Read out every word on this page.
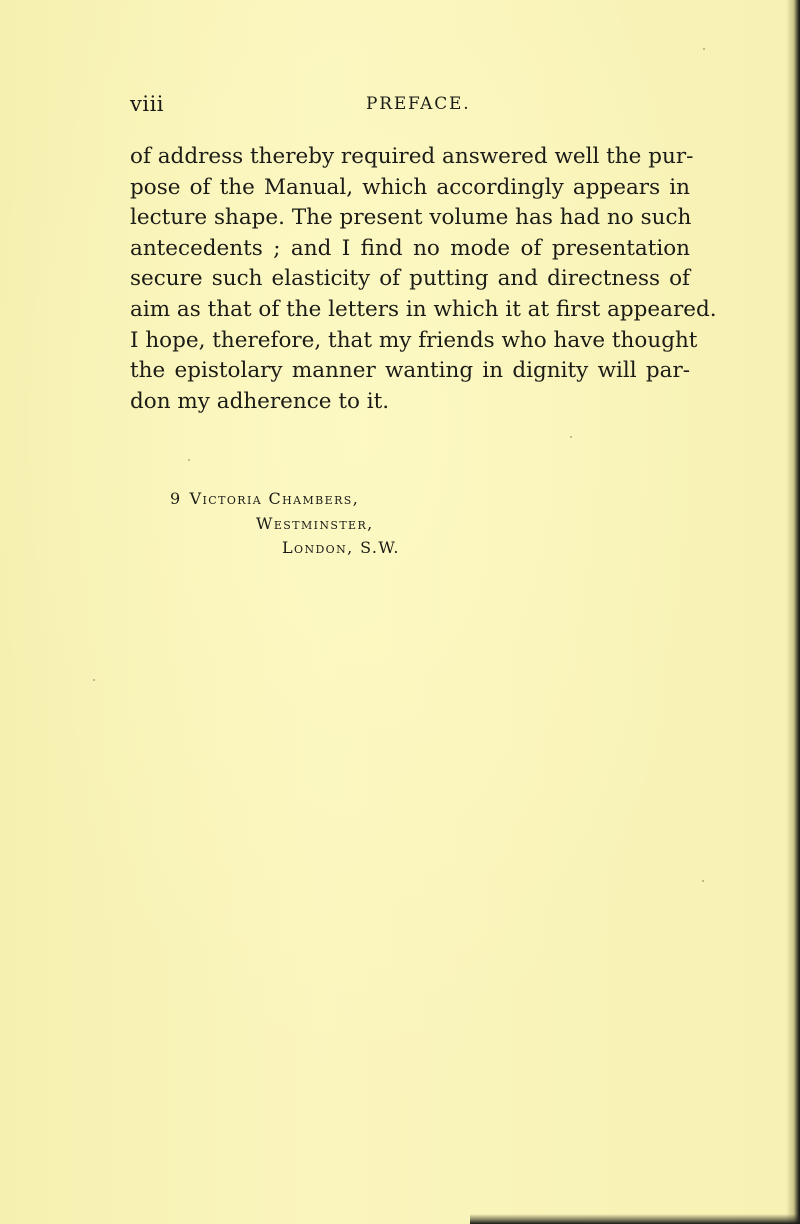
viii	PREFACE.
of address thereby required answered well the pur-
pose of the Manual, which accordingly appears in
lecture shape. The present volume has had no such
antecedents ; and I find no mode of presentation
secure such elasticity of putting and directness of
aim as that of the letters in which it at first appeared.
I hope, therefore, that my friends who have thought
the epistolary manner wanting in dignity will par-
don my adherence to it.
9 Victoria Chambers,
Westminster,
London, S.W.
